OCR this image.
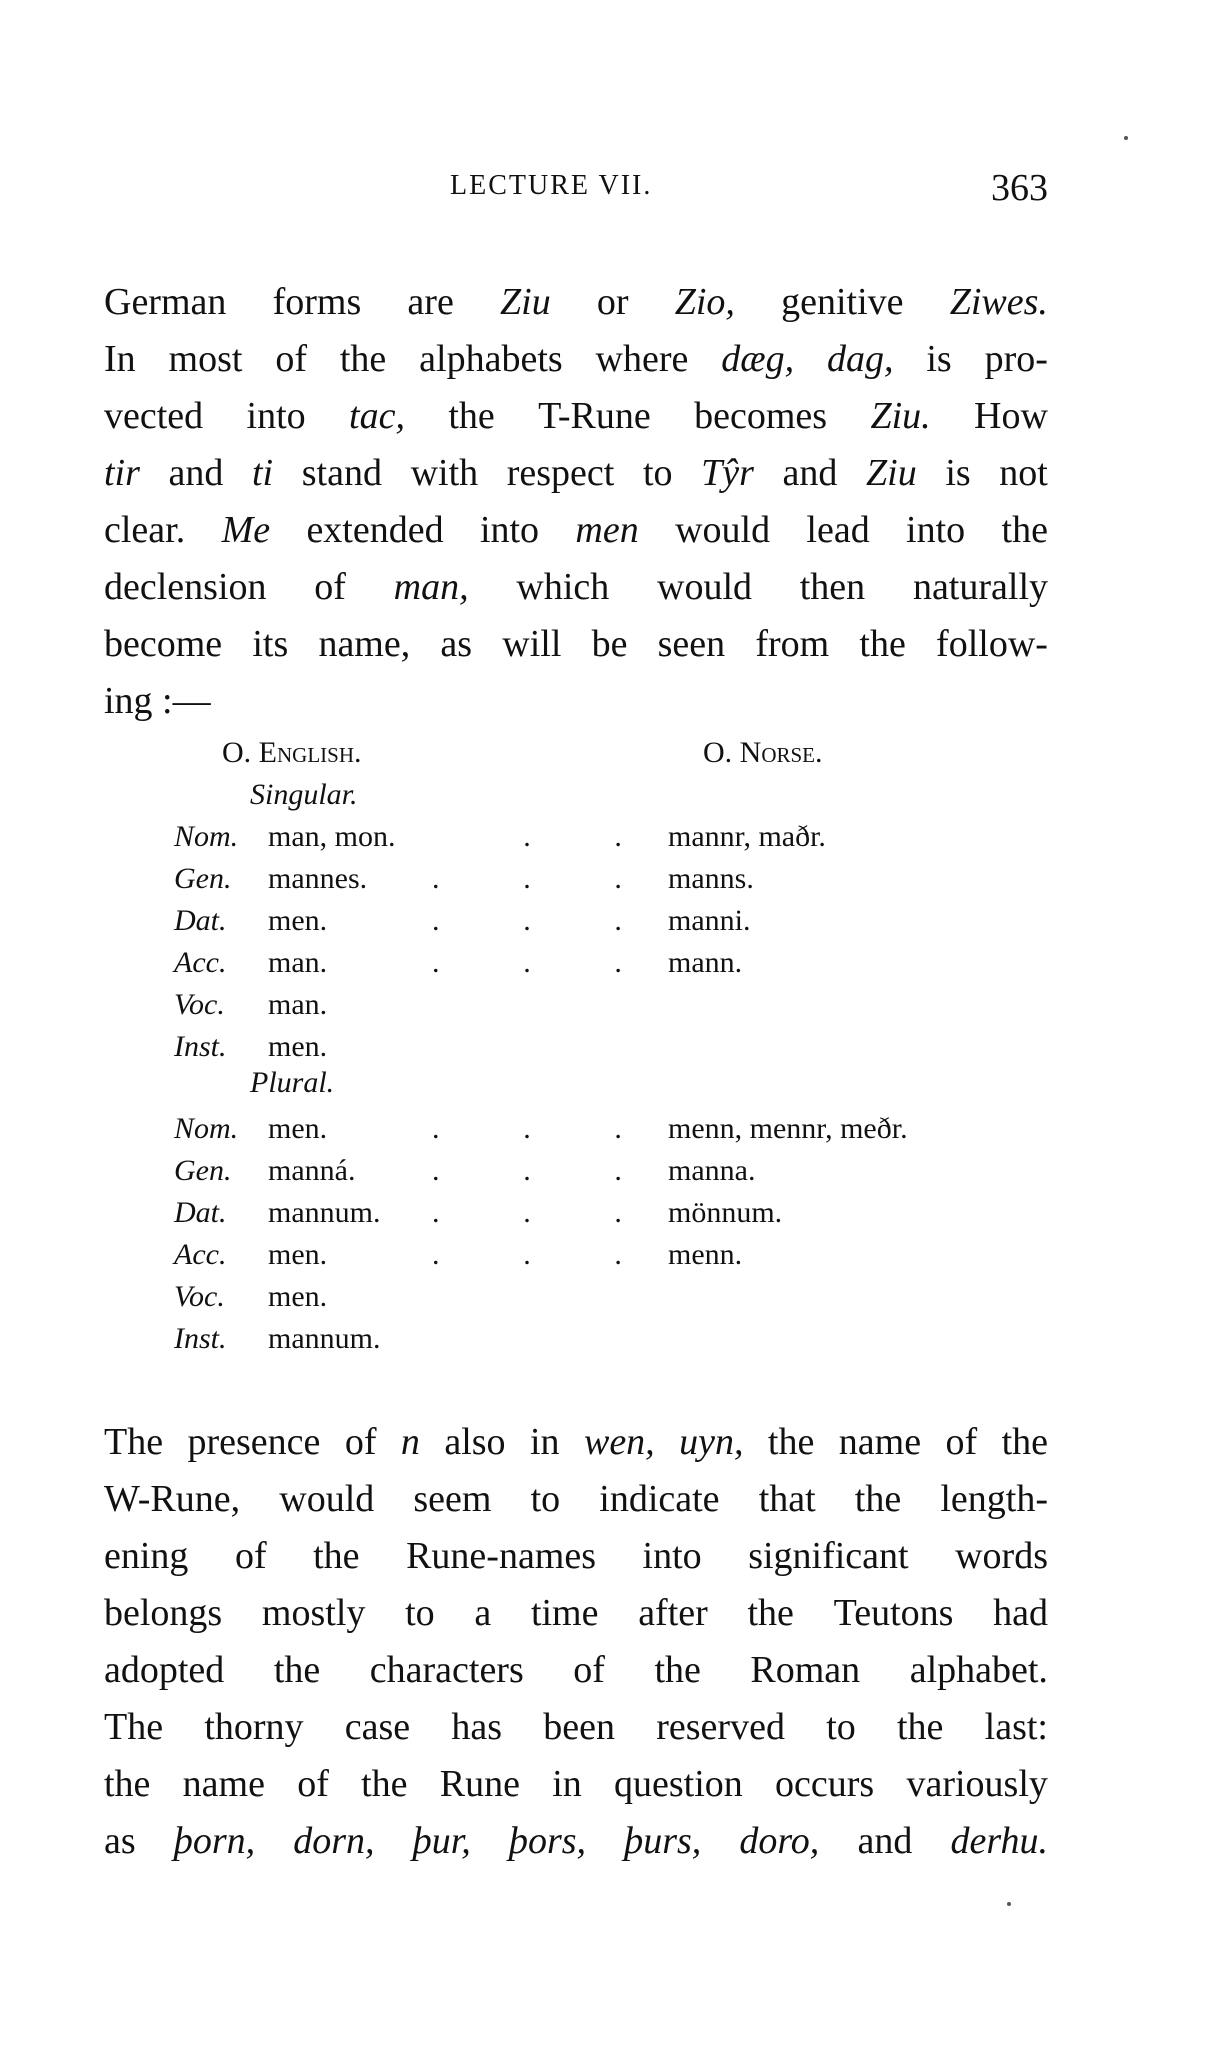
LECTURE VII.	363
German forms are Ziu or Zio, genitive Ziwes.
In most of the alphabets where dæg, dag, is pro-
vected into tac, the T-Rune becomes Ziu. How
tir and ti stand with respect to Tŷr and Ziu is not
clear. Me extended into men would lead into the
declension of man, which would then naturally
become its name, as will be seen from the follow-
ing :—
O. English.	O. Norse.
Singular.
Nom. man, mon.	.	. mannr, maðr.
Gen. mannes. .	.	. manns.
Dat. men.	.	.	. manni.
Acc. man.	.	.	. mann.
Voc. man.
Inst. men.
Plural.
Nom. men.	.	.	. menn, mennr, meðr.
Gen. manná.	.	.	. manna.
Dat. mannum. .	.	. mönnum.
Acc. men.	.	.	. menn.
Voc. men.
Inst. mannum.
The presence of n also in wen, uyn, the name of the
W-Rune, would seem to indicate that the length-
ening of the Rune-names into significant words
belongs mostly to a time after the Teutons had
adopted the characters of the Roman alphabet.
The thorny case has been reserved to the last:
the name of the Rune in question occurs variously
as þorn, dorn, þur, þors, þurs, doro, and derhu.
